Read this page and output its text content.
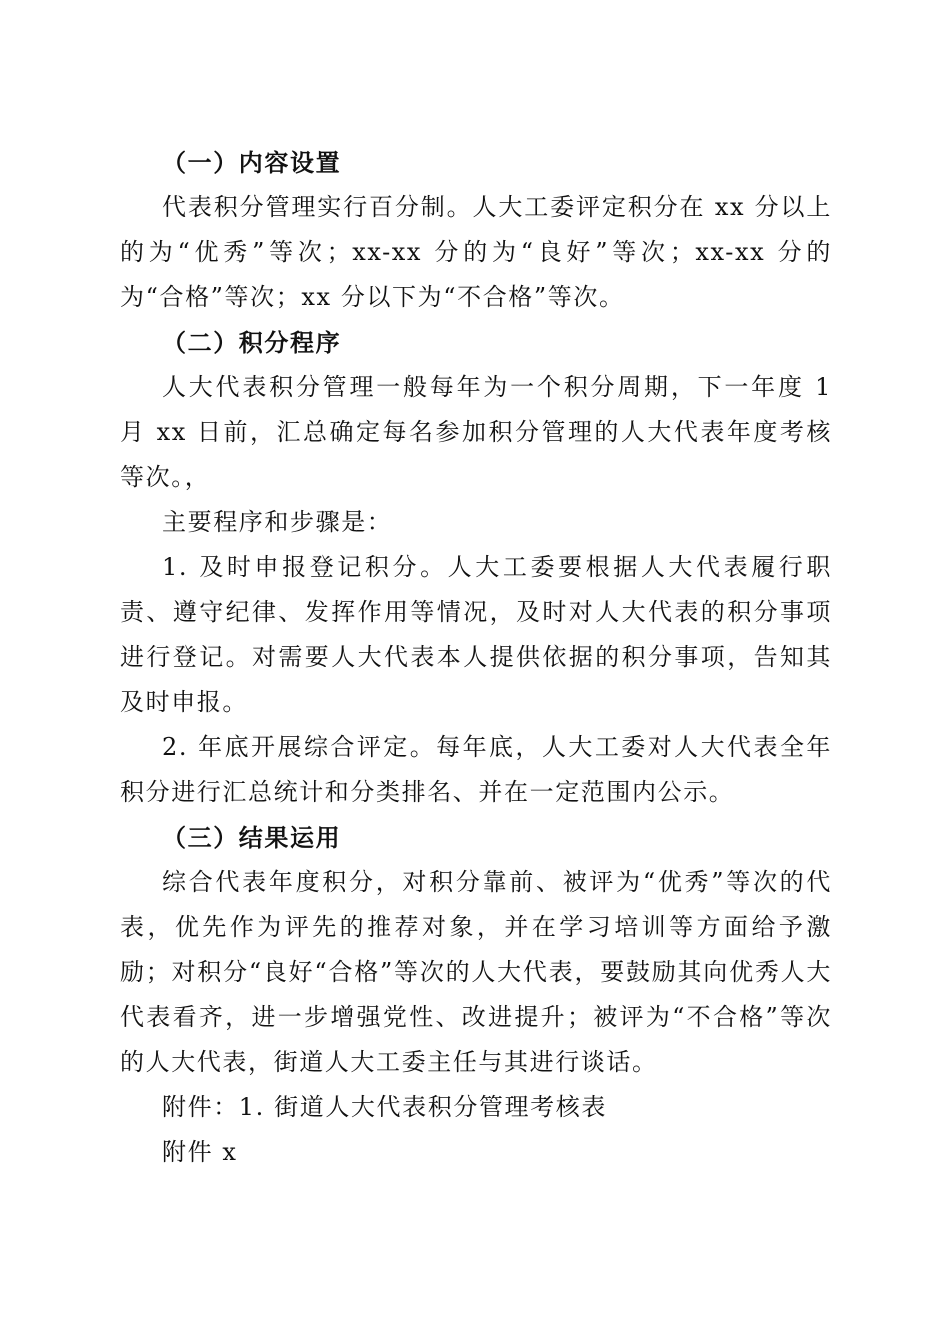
（一）内容设置

代表积分管理实行百分制。人大工委评定积分在 xx 分以上的为“优秀”等次；xx-xx 分的为“良好”等次；xx-xx 分的为“合格”等次；xx 分以下为“不合格”等次。

（二）积分程序

人大代表积分管理一般每年为一个积分周期，下一年度 1 月 xx 日前，汇总确定每名参加积分管理的人大代表年度考核等次。，

主要程序和步骤是：

1. 及时申报登记积分。人大工委要根据人大代表履行职责、遵守纪律、发挥作用等情况，及时对人大代表的积分事项进行登记。对需要人大代表本人提供依据的积分事项，告知其及时申报。

2. 年底开展综合评定。每年底，人大工委对人大代表全年积分进行汇总统计和分类排名、并在一定范围内公示。

（三）结果运用

综合代表年度积分，对积分靠前、被评为“优秀”等次的代表，优先作为评先的推荐对象，并在学习培训等方面给予激励；对积分“良好“合格”等次的人大代表，要鼓励其向优秀人大代表看齐，进一步增强党性、改进提升；被评为“不合格”等次的人大代表，街道人大工委主任与其进行谈话。

附件：1. 街道人大代表积分管理考核表

附件 x
